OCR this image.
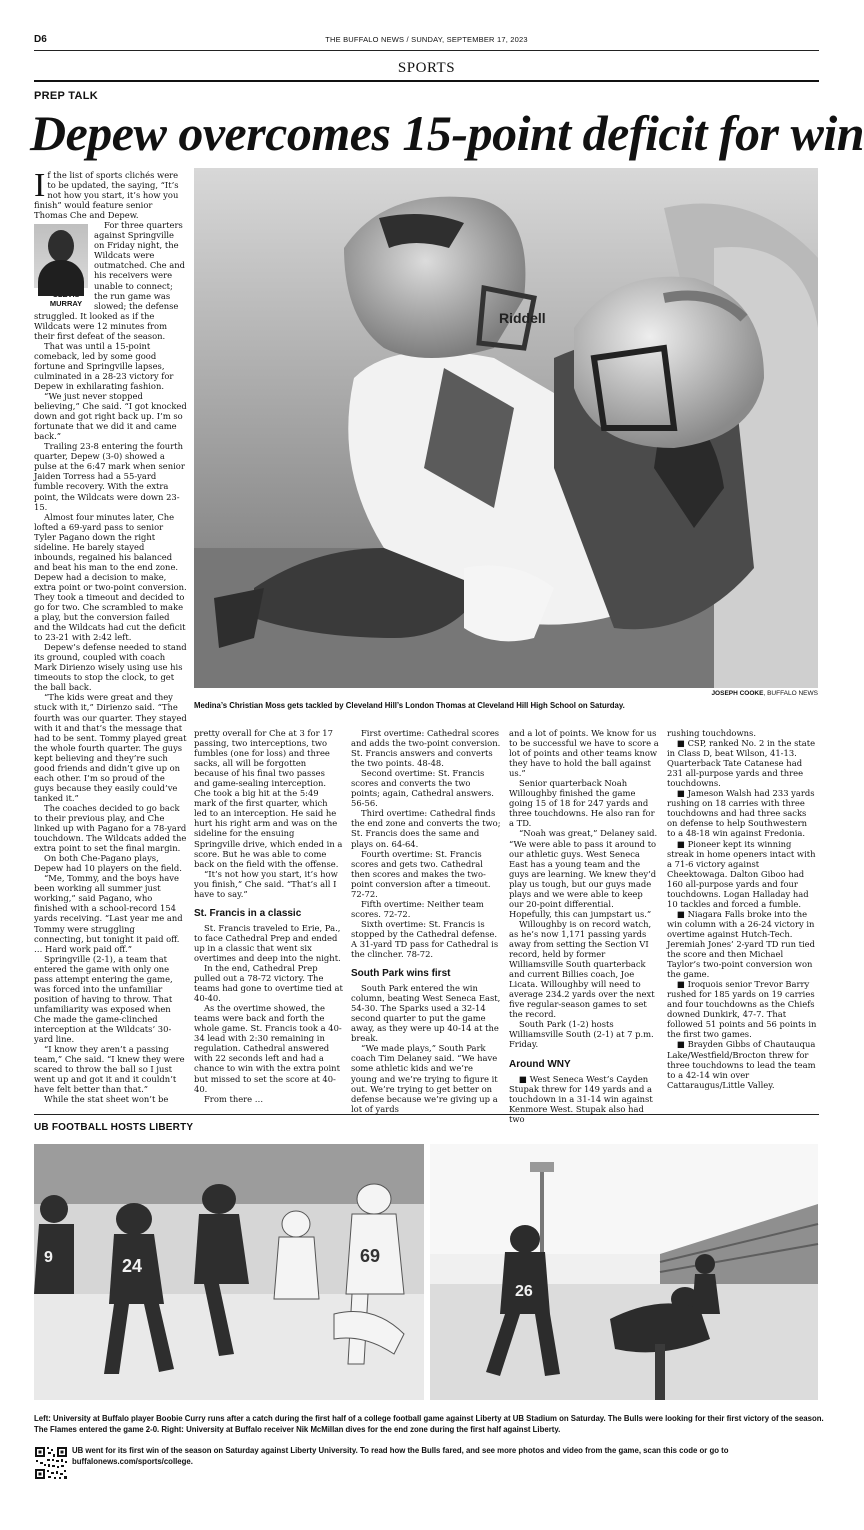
D6	THE BUFFALO NEWS / SUNDAY, SEPTEMBER 17, 2023
SPORTS
PREP TALK
Depew overcomes 15-point deficit for win

If the list of sports clichés were to be updated, the saying, “It’s not how you start, it’s how you finish” would feature senior Thomas Che and Depew.

MURRAY
For three quarters against Springville on Friday night, the Wildcats were outmatched. Che and his receivers were unable to connect; the run game was slowed; the defense struggled. It looked as if the Wildcats were 12 minutes from their first defeat of the season.

That was until a 15-point comeback, led by some good fortune and Springville lapses, culminated in a 28-23 victory for Depew in exhilarating fashion.

“We just never stopped believing,” Che said. “I got knocked down and got right back up. I’m so fortunate that we did it and came back.”

Trailing 23-8 entering the fourth quarter, Depew (3-0) showed a pulse at the 6:47 mark when senior Jaiden Torress had a 55-yard fumble recovery. With the extra point, the Wildcats were down 23-15.

Almost four minutes later, Che lofted a 69-yard pass to senior Tyler Pagano down the right sideline. He barely stayed inbounds, regained his balanced and beat his man to the end zone. Depew had a decision to make, extra point or two-point conversion. They took a timeout and decided to go for two. Che scrambled to make a play, but the conversion failed and the Wildcats had cut the deficit to 23-21 with 2:42 left.

Depew’s defense needed to stand its ground, coupled with coach Mark Dirienzo wisely using use his timeouts to stop the clock, to get the ball back.

“The kids were great and they stuck with it,” Dirienzo said. “The fourth was our quarter. They stayed with it and that’s the message that had to be sent. Tommy played great the whole fourth quarter. The guys kept believing and they’re such good friends and didn’t give up on each other. I’m so proud of the guys because they easily could’ve tanked it.”

The coaches decided to go back to their previous play, and Che linked up with Pagano for a 78-yard touchdown. The Wildcats added the extra point to set the final margin.

On both Che-Pagano plays, Depew had 10 players on the field.

“Me, Tommy, and the boys have been working all summer just working,” said Pagano, who finished with a school-record 154 yards receiving. “Last year me and Tommy were struggling connecting, but tonight it paid off. … Hard work paid off.”

Springville (2-1), a team that entered the game with only one pass attempt entering the game, was forced into the unfamiliar position of having to throw. That unfamiliarity was exposed when Che made the game-clinched interception at the Wildcats’ 30-yard line.

“I know they aren’t a passing team,” Che said. “I knew they were scared to throw the ball so I just went up and got it and it couldn’t have felt better than that.”

While the stat sheet won’t be

Riddell
JOSEPH COOKE, BUFFALO NEWS
Medina’s Christian Moss gets tackled by Cleveland Hill’s London Thomas at Cleveland Hill High School on Saturday.

pretty overall for Che at 3 for 17 passing, two interceptions, two fumbles (one for loss) and three sacks, all will be forgotten because of his final two passes and game-sealing interception. Che took a big hit at the 5:49 mark of the first quarter, which led to an interception. He said he hurt his right arm and was on the sideline for the ensuing Springville drive, which ended in a score. But he was able to come back on the field with the offense.

“It’s not how you start, it’s how you finish,” Che said. “That’s all I have to say.”

St. Francis in a classic

St. Francis traveled to Erie, Pa., to face Cathedral Prep and ended up in a classic that went six overtimes and deep into the night.

In the end, Cathedral Prep pulled out a 78-72 victory. The teams had gone to overtime tied at 40-40.

As the overtime showed, the teams were back and forth the whole game. St. Francis took a 40-34 lead with 2:30 remaining in regulation. Cathedral answered with 22 seconds left and had a chance to win with the extra point but missed to set the score at 40-40.

From there …

First overtime: Cathedral scores and adds the two-point conversion. St. Francis answers and converts the two points. 48-48.

Second overtime: St. Francis scores and converts the two points; again, Cathedral answers. 56-56.

Third overtime: Cathedral finds the end zone and converts the two; St. Francis does the same and plays on. 64-64.

Fourth overtime: St. Francis scores and gets two. Cathedral then scores and makes the two-point conversion after a timeout. 72-72.

Fifth overtime: Neither team scores. 72-72.

Sixth overtime: St. Francis is stopped by the Cathedral defense. A 31-yard TD pass for Cathedral is the clincher. 78-72.

South Park wins first

South Park entered the win column, beating West Seneca East, 54-30. The Sparks used a 32-14 second quarter to put the game away, as they were up 40-14 at the break.

“We made plays,” South Park coach Tim Delaney said. “We have some athletic kids and we’re young and we’re trying to figure it out. We’re trying to get better on defense because we’re giving up a lot of yards

and a lot of points. We know for us to be successful we have to score a lot of points and other teams know they have to hold the ball against us.”

Senior quarterback Noah Willoughby finished the game going 15 of 18 for 247 yards and three touchdowns. He also ran for a TD.

“Noah was great,” Delaney said. “We were able to pass it around to our athletic guys. West Seneca East has a young team and the guys are learning. We knew they’d play us tough, but our guys made plays and we were able to keep our 20-point differential. Hopefully, this can jumpstart us.”

Willoughby is on record watch, as he’s now 1,171 passing yards away from setting the Section VI record, held by former Williamsville South quarterback and current Billies coach, Joe Licata. Willoughby will need to average 234.2 yards over the next five regular-season games to set the record.

South Park (1-2) hosts Williamsville South (2-1) at 7 p.m. Friday.

Around WNY

■ West Seneca West’s Cayden Stupak threw for 149 yards and a touchdown in a 31-14 win against Kenmore West. Stupak also had two

rushing touchdowns.

■ CSP, ranked No. 2 in the state in Class D, beat Wilson, 41-13. Quarterback Tate Catanese had 231 all-purpose yards and three touchdowns.

■ Jameson Walsh had 233 yards rushing on 18 carries with three touchdowns and had three sacks on defense to help Southwestern to a 48-18 win against Fredonia.

■ Pioneer kept its winning streak in home openers intact with a 71-6 victory against Cheektowaga. Dalton Giboo had 160 all-purpose yards and four touchdowns. Logan Halladay had 10 tackles and forced a fumble.

■ Niagara Falls broke into the win column with a 26-24 victory in overtime against Hutch-Tech. Jeremiah Jones’ 2-yard TD run tied the score and then Michael Taylor’s two-point conversion won the game.

■ Iroquois senior Trevor Barry rushed for 185 yards on 19 carries and four touchdowns as the Chiefs downed Dunkirk, 47-7. That followed 51 points and 56 points in the first two games.

■ Brayden Gibbs of Chautauqua Lake/Westfield/Brocton threw for three touchdowns to lead the team to a 42-14 win over Cattaraugus/Little Valley.

UB FOOTBALL HOSTS LIBERTY
24	69
9
26
Left: University at Buffalo player Boobie Curry runs after a catch during the first half of a college football game against Liberty at UB Stadium on Saturday. The Bulls were looking for their first victory of the season. The Flames entered the game 2-0. Right: University at Buffalo receiver Nik McMillan dives for the end zone during the first half against Liberty.
UB went for its first win of the season on Saturday against Liberty University. To read how the Bulls fared, and see more photos and video from the game, scan this code or go to buffalonews.com/sports/college.
